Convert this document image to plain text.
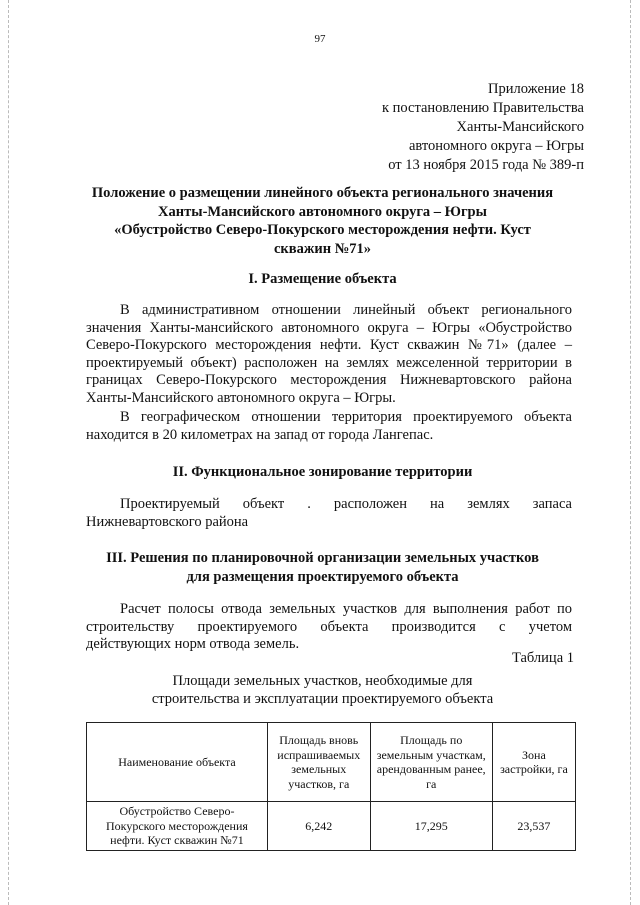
97
Приложение 18
к постановлению Правительства
Ханты-Мансийского
автономного округа – Югры
от 13 ноября 2015 года № 389-п
Положение о размещении линейного объекта регионального значения
Ханты-Мансийского автономного округа – Югры
«Обустройство Северо-Покурского месторождения нефти. Куст
скважин №71»
I. Размещение объекта
В административном отношении линейный объект регионального
значения Ханты-мансийского автономного округа – Югры «Обустройство
Северо-Покурского месторождения нефти. Куст скважин №71» (далее –
проектируемый объект) расположен на землях межселенной территории в
границах Северо-Покурского месторождения Нижневартовского района
Ханты-Мансийского автономного округа – Югры.
В географическом отношении территория проектируемого объекта
находится в 20 километрах на запад от города Лангепас.
II. Функциональное зонирование территории
Проектируемый объект . расположен на землях запаса
Нижневартовского района
III. Решения по планировочной организации земельных участков
для размещения проектируемого объекта
Расчет полосы отвода земельных участков для выполнения работ по
строительству проектируемого объекта производится с учетом
действующих норм отвода земель.
Таблица 1
Площади земельных участков, необходимые для
строительства и эксплуатации проектируемого объекта
Наименование объекта	Площадь вновь испрашиваемых земельных участков, га	Площадь по земельным участкам, арендованным ранее, га	Зона застройки, га
Обустройство Северо-Покурского месторождения нефти. Куст скважин №71	6,242	17,295	23,537
